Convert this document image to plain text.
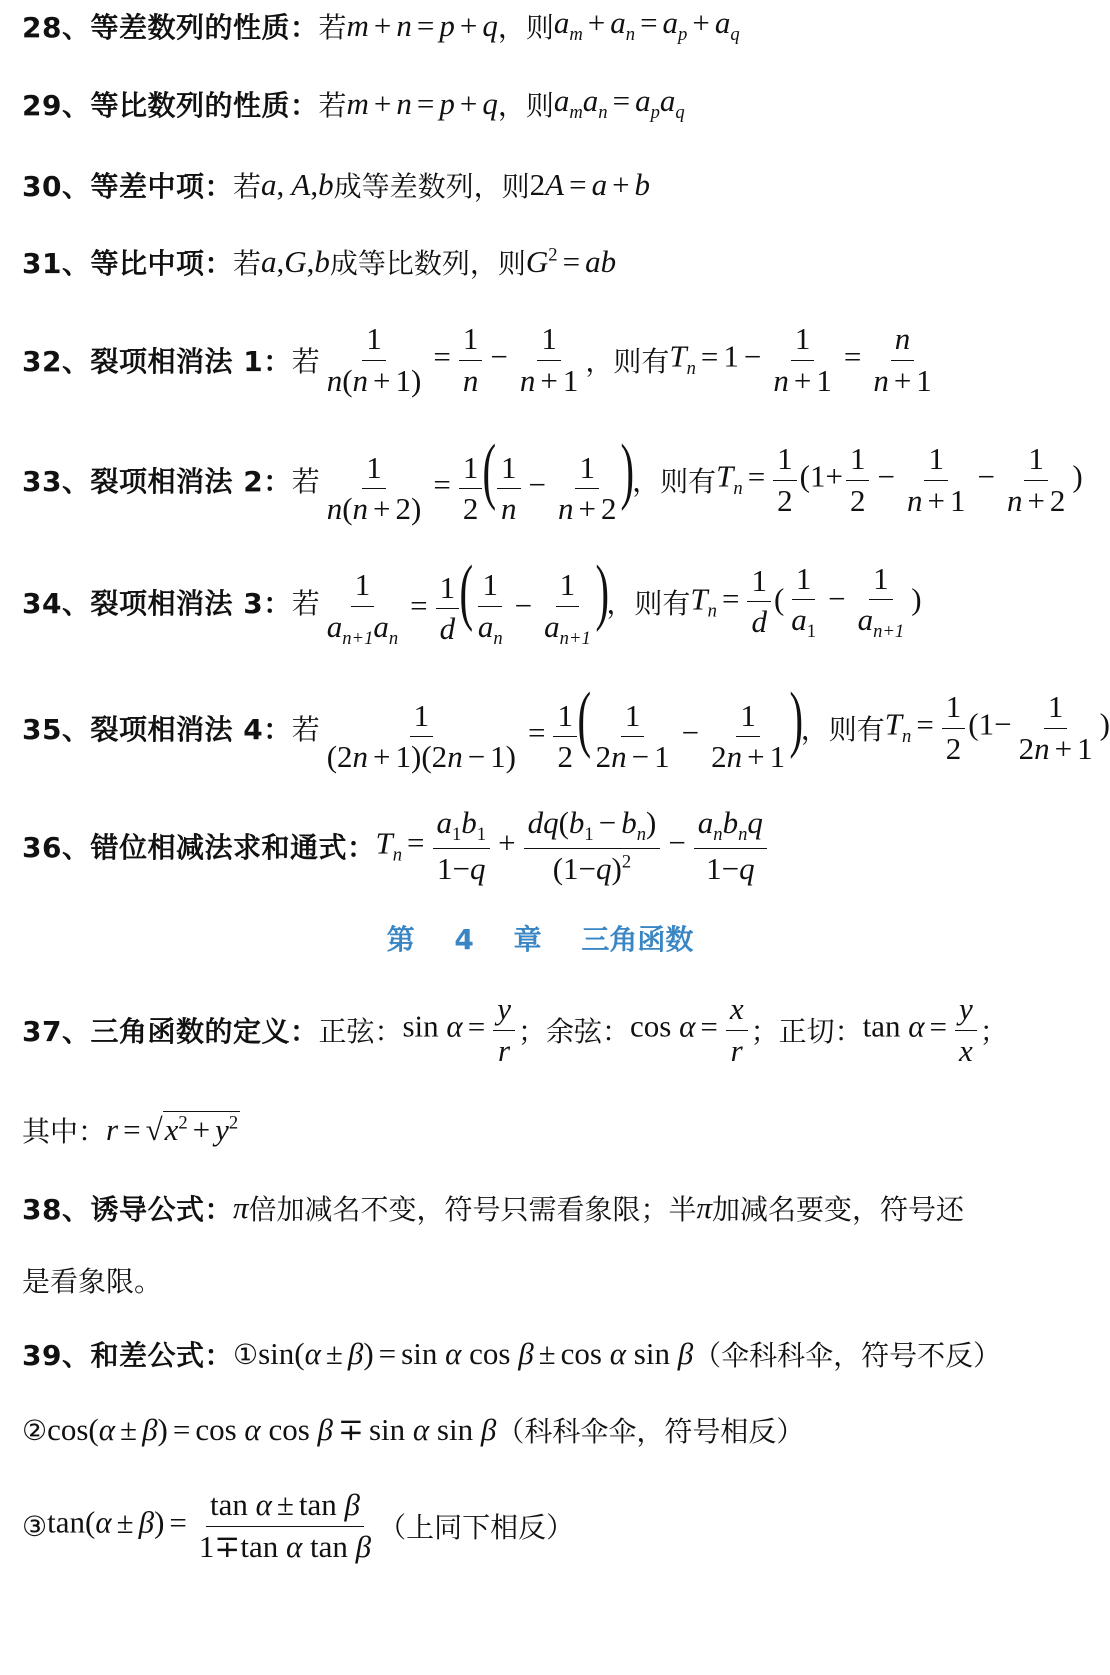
28、等差数列的性质： 若 m + n = p + q ，则 $a_m + a_n = a_p + a_q$
29、等比数列的性质： 若 m + n = p + q ，则 $a_ma_n = a_pa_q$
30、等差中项： 若 a, A,b 成等差数列，则 2A = a + b
31、等比中项： 若 a,G,b 成等比数列，则 $G^2$ = ab
32、裂项相消法 1： 若 $\frac{1}{n(n + 1)} = \frac{1}{n} - \frac{1}{n + 1}$ ，则有 $T_n = 1 - \frac{1}{n + 1} = \frac{n}{n + 1}$
33、裂项相消法 2： 若 $\frac{1}{n(n + 2)} = \frac{1}{2}$ ( $\frac{1}{n} - \frac{1}{n + 2}$ )
，则有 $T_n = \frac{1}{2} (1+ \frac{1}{2} - \frac{1}{n + 1} - \frac{1}{n + 2}$ )
34、裂项相消法 3： 若 $\frac{1}{a_{n+1}a_n} = \frac{1}{d}$ ( $\frac{1}{a_n} - \frac{1}{a_{n+1}}$ )
，则有 $T_n = \frac{1}{d}$ ( $\frac{1}{a_1} - \frac{1}{a_{n+1}}$ )
35、裂项相消法 4： 若 $\frac{1}{(2n + 1)(2n - 1)} = \frac{1}{2}$ ( $\frac{1}{2n - 1} - \frac{1}{2n + 1}$ )
，则有 $T_n = \frac{1}{2} (1- \frac{1}{2n + 1}$ )
36、错位相减法求和通式： $T_n = \frac{a_1b_1}{1-q} + \frac{dq(b_1 - b_n)}{(1-q)^2} - \frac{a_nb_nq}{1-q}$
第 4 章 三角函数
37、三角函数的定义： 正弦： $\sin \alpha = \frac{y}{r}$ ； 余弦： $\cos \alpha = \frac{x}{r}$ ； 正切： $\tan \alpha = \frac{y}{x}$ ；
其中： $r = √x^2 + y^2$
38、诱导公式： π 倍加减名不变，符号只需看象限；半 π 加减名要变，符号还
是看象限。
39、和差公式： ① sin(α ± β) = sin α cos β ± cos α sin β （伞科科伞，符号不反）
② cos(α ± β) = cos α cos β ∓ sin α sin β （科科伞伞，符号相反）
③ $\tan(\alpha \pm \beta) = \frac{\text{tan α ± tan β}}{\text{1∓tan α tan β}}$ （上同下相反）
